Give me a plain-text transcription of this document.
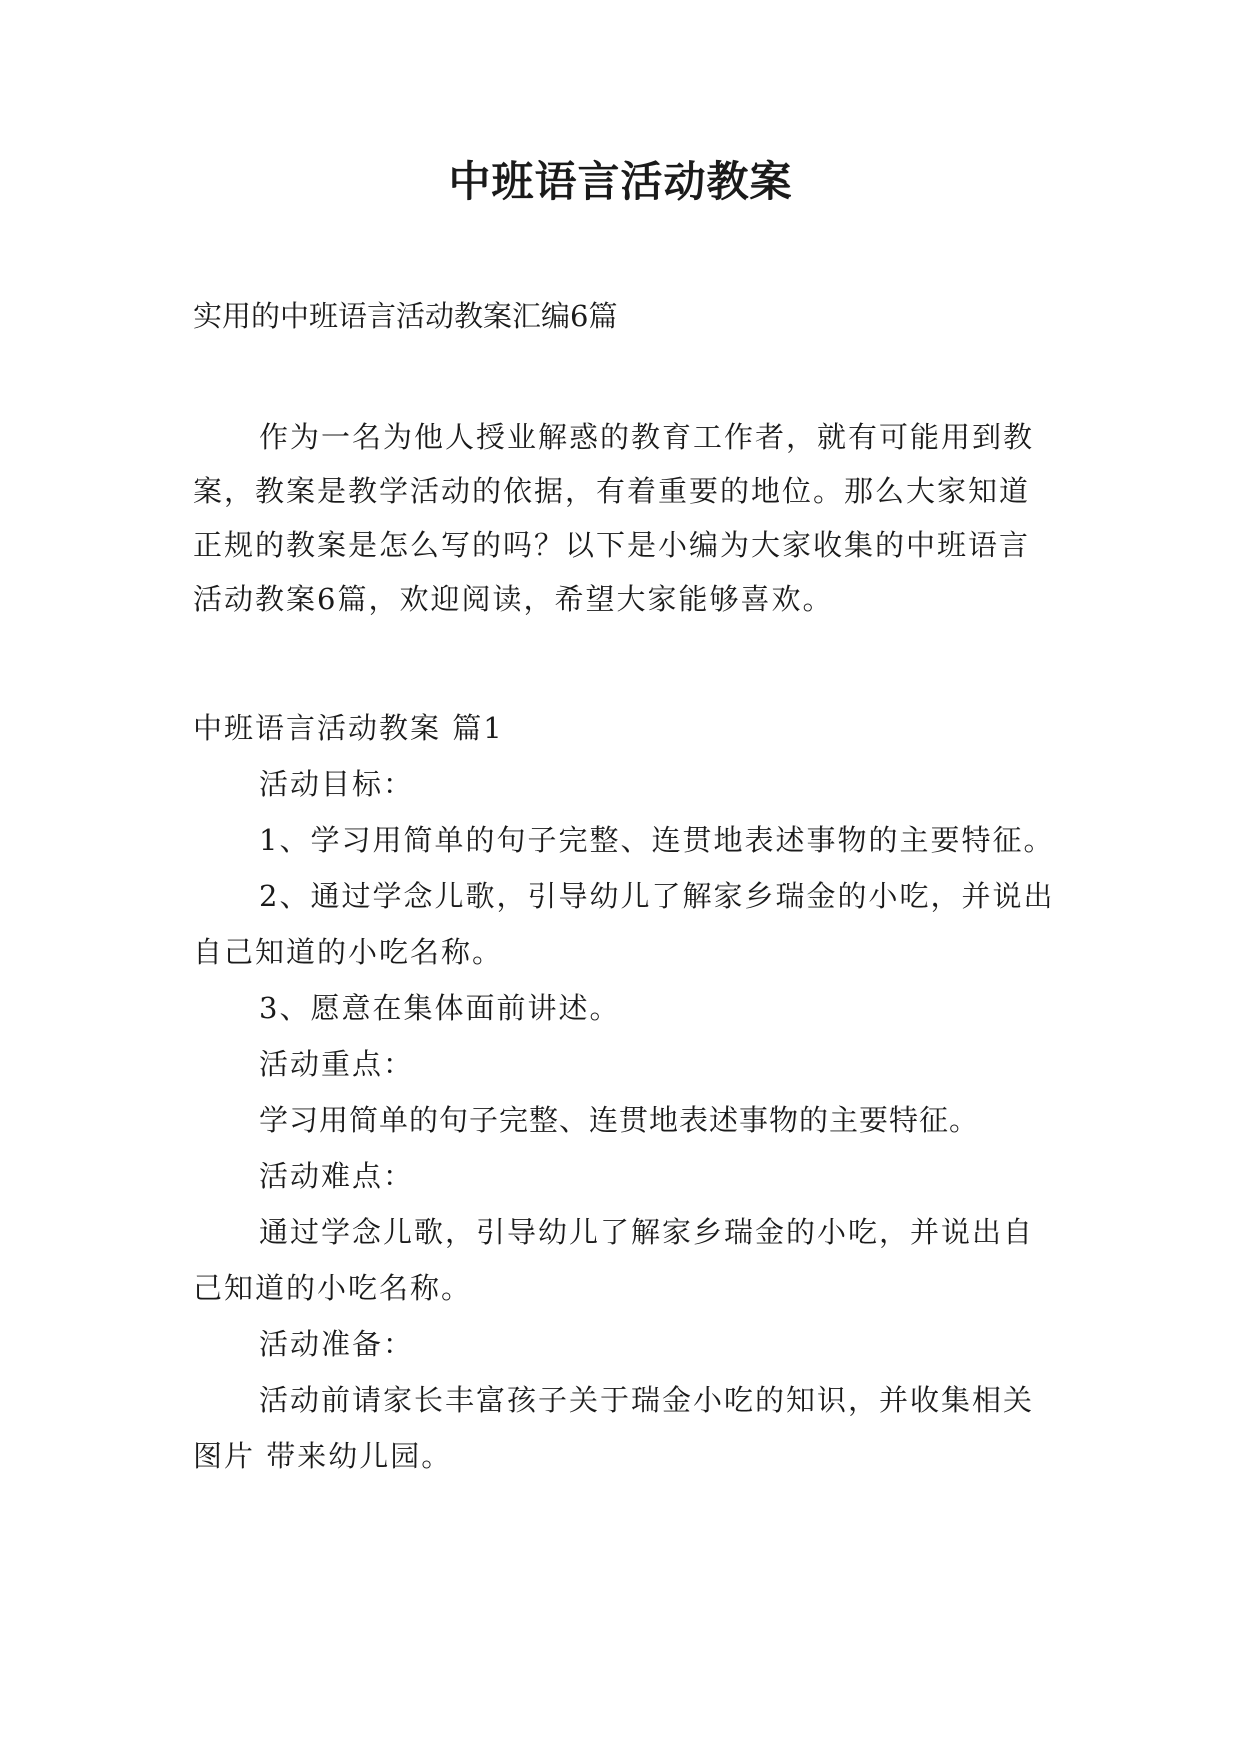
中班语言活动教案
实用的中班语言活动教案汇编6篇

作为一名为他人授业解惑的教育工作者，就有可能用到教案，教案是教学活动的依据，有着重要的地位。那么大家知道正规的教案是怎么写的吗？以下是小编为大家收集的中班语言活动教案6篇，欢迎阅读，希望大家能够喜欢。

中班语言活动教案 篇1

活动目标：

1、学习用简单的句子完整、连贯地表述事物的主要特征。

2、通过学念儿歌，引导幼儿了解家乡瑞金的小吃，并说出自己知道的小吃名称。

3、愿意在集体面前讲述。

活动重点：

学习用简单的句子完整、连贯地表述事物的主要特征。

活动难点：

通过学念儿歌，引导幼儿了解家乡瑞金的小吃，并说出自己知道的小吃名称。

活动准备：

活动前请家长丰富孩子关于瑞金小吃的知识，并收集相关图片 带来幼儿园。
